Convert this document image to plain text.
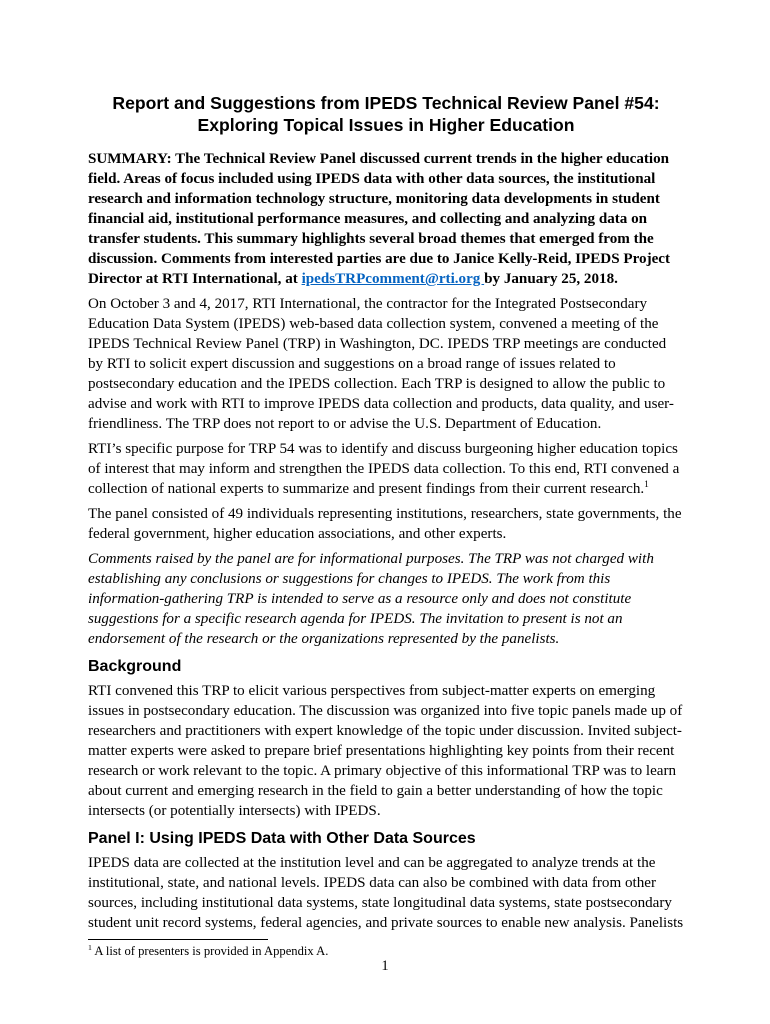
Report and Suggestions from IPEDS Technical Review Panel #54:
Exploring Topical Issues in Higher Education

SUMMARY: The Technical Review Panel discussed current trends in the higher education field. Areas of focus included using IPEDS data with other data sources, the institutional research and information technology structure, monitoring data developments in student financial aid, institutional performance measures, and collecting and analyzing data on transfer students. This summary highlights several broad themes that emerged from the discussion. Comments from interested parties are due to Janice Kelly-Reid, IPEDS Project Director at RTI International, at ipedsTRPcomment@rti.org by January 25, 2018.

On October 3 and 4, 2017, RTI International, the contractor for the Integrated Postsecondary Education Data System (IPEDS) web-based data collection system, convened a meeting of the IPEDS Technical Review Panel (TRP) in Washington, DC. IPEDS TRP meetings are conducted by RTI to solicit expert discussion and suggestions on a broad range of issues related to postsecondary education and the IPEDS collection. Each TRP is designed to allow the public to advise and work with RTI to improve IPEDS data collection and products, data quality, and user-friendliness. The TRP does not report to or advise the U.S. Department of Education.

RTI’s specific purpose for TRP 54 was to identify and discuss burgeoning higher education topics of interest that may inform and strengthen the IPEDS data collection. To this end, RTI convened a collection of national experts to summarize and present findings from their current research.$^1$

The panel consisted of 49 individuals representing institutions, researchers, state governments, the federal government, higher education associations, and other experts.

Comments raised by the panel are for informational purposes. The TRP was not charged with establishing any conclusions or suggestions for changes to IPEDS. The work from this information-gathering TRP is intended to serve as a resource only and does not constitute suggestions for a specific research agenda for IPEDS. The invitation to present is not an endorsement of the research or the organizations represented by the panelists.

Background

RTI convened this TRP to elicit various perspectives from subject-matter experts on emerging issues in postsecondary education. The discussion was organized into five topic panels made up of researchers and practitioners with expert knowledge of the topic under discussion. Invited subject-matter experts were asked to prepare brief presentations highlighting key points from their recent research or work relevant to the topic. A primary objective of this informational TRP was to learn about current and emerging research in the field to gain a better understanding of how the topic intersects (or potentially intersects) with IPEDS.

Panel I: Using IPEDS Data with Other Data Sources

IPEDS data are collected at the institution level and can be aggregated to analyze trends at the institutional, state, and national levels. IPEDS data can also be combined with data from other sources, including institutional data systems, state longitudinal data systems, state postsecondary student unit record systems, federal agencies, and private sources to enable new analysis. Panelists

$^1$ A list of presenters is provided in Appendix A.

1
